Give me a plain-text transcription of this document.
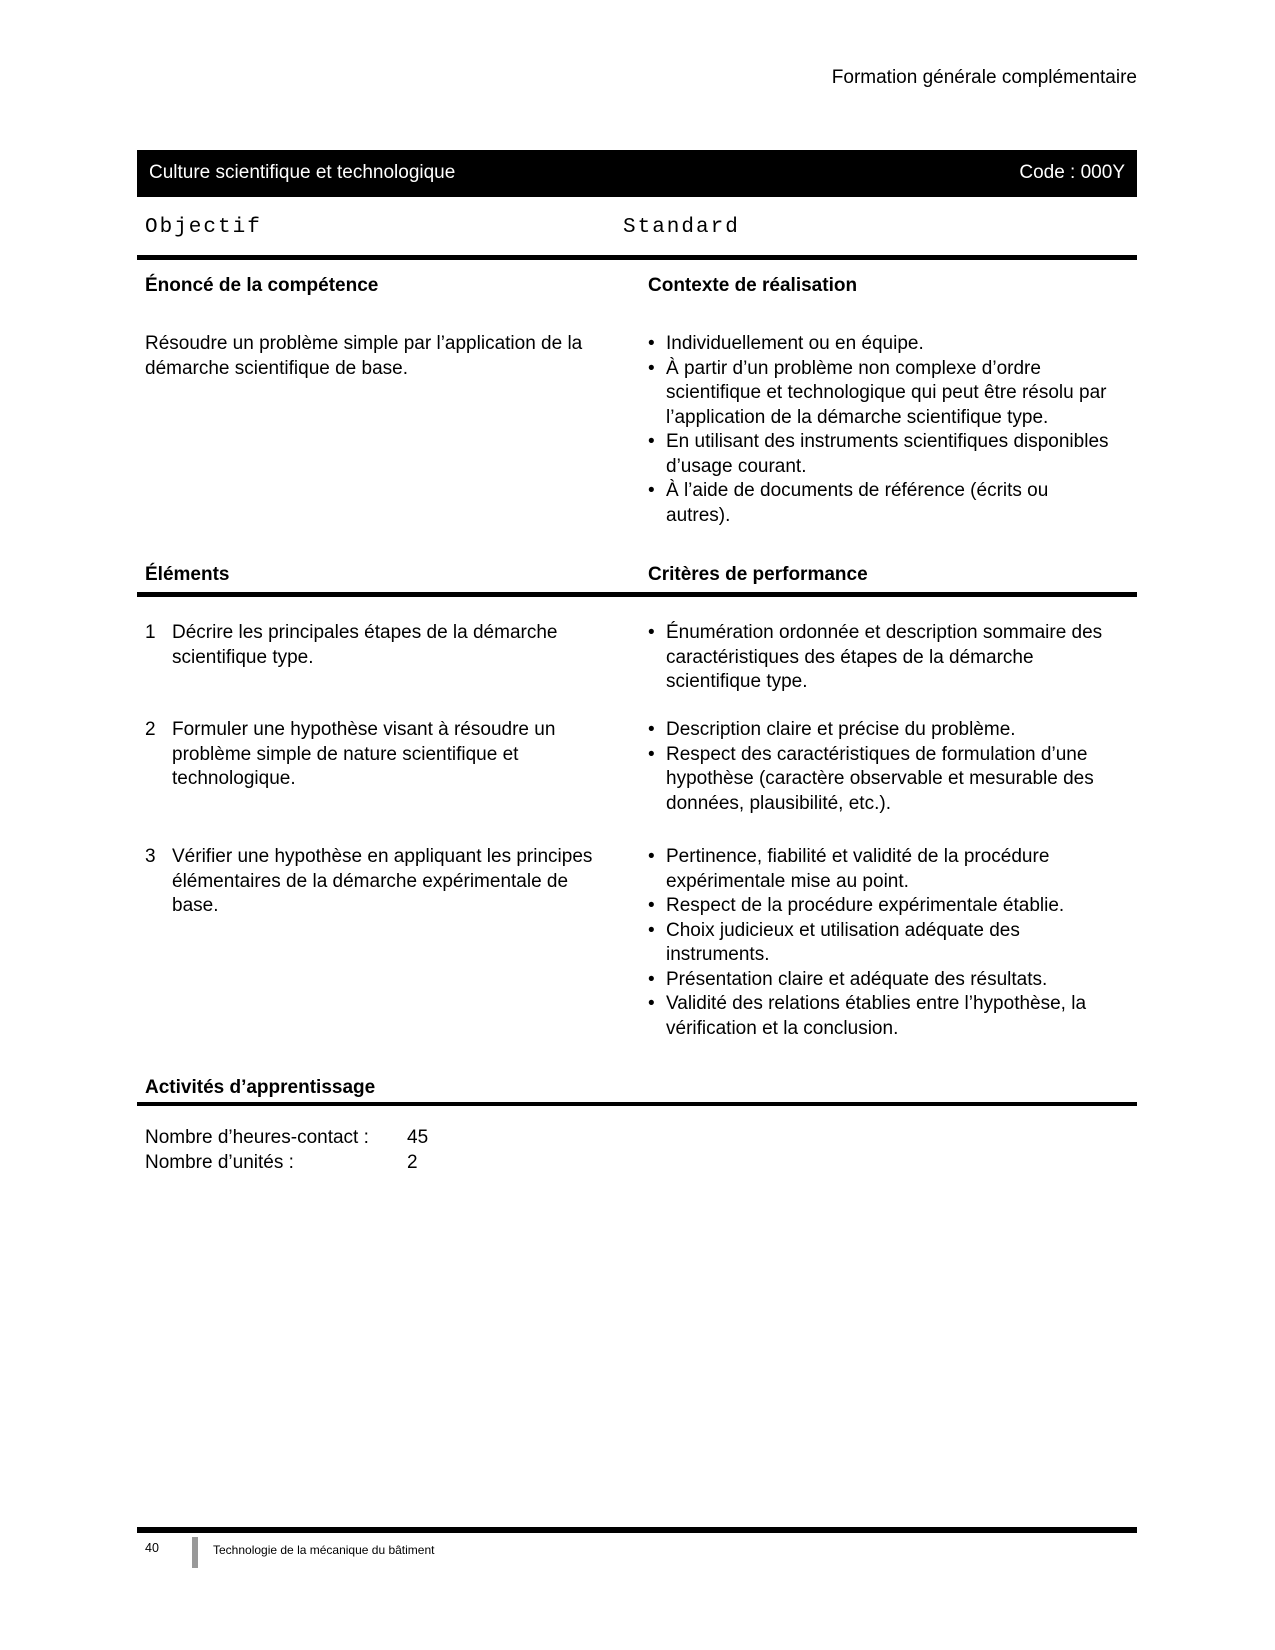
Formation générale complémentaire
Culture scientifique et technologique	Code : 000Y
Objectif	Standard
Énoncé de la compétence	Contexte de réalisation
Résoudre un problème simple par l’application de la démarche scientifique de base.
• Individuellement ou en équipe.
• À partir d’un problème non complexe d’ordre scientifique et technologique qui peut être résolu par l’application de la démarche scientifique type.
• En utilisant des instruments scientifiques disponibles d’usage courant.
• À l’aide de documents de référence (écrits ou autres).
Éléments	Critères de performance
1 Décrire les principales étapes de la démarche scientifique type.
• Énumération ordonnée et description sommaire des caractéristiques des étapes de la démarche scientifique type.
2 Formuler une hypothèse visant à résoudre un problème simple de nature scientifique et technologique.
• Description claire et précise du problème.
• Respect des caractéristiques de formulation d’une hypothèse (caractère observable et mesurable des données, plausibilité, etc.).
3 Vérifier une hypothèse en appliquant les principes élémentaires de la démarche expérimentale de base.
• Pertinence, fiabilité et validité de la procédure expérimentale mise au point.
• Respect de la procédure expérimentale établie.
• Choix judicieux et utilisation adéquate des instruments.
• Présentation claire et adéquate des résultats.
• Validité des relations établies entre l’hypothèse, la vérification et la conclusion.
Activités d’apprentissage
Nombre d’heures-contact :	45
Nombre d’unités :	2
40	Technologie de la mécanique du bâtiment
